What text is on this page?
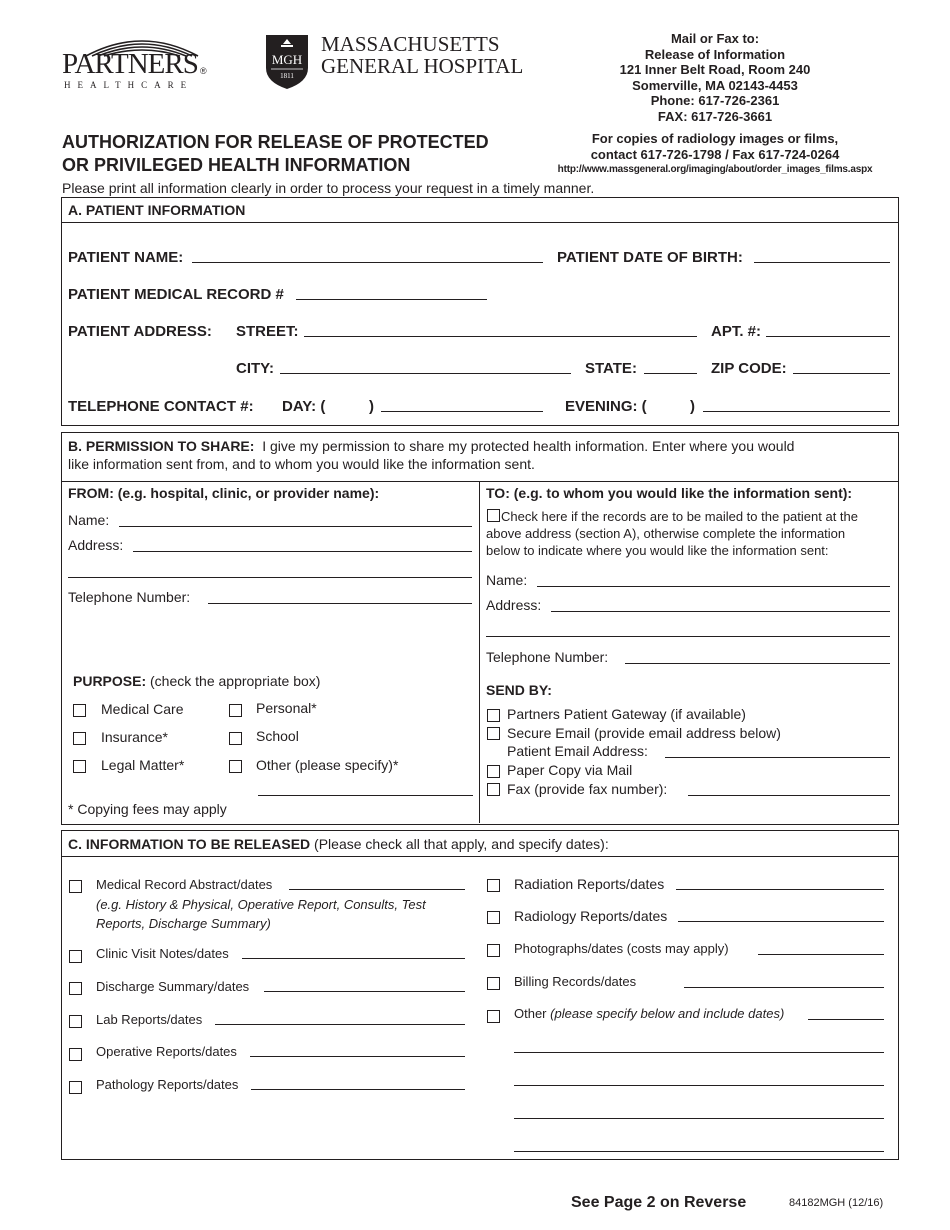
PARTNERS ®
HEALTHCARE
MGH
1811
MASSACHUSETTS
GENERAL HOSPITAL
Mail or Fax to:
Release of Information
121 Inner Belt Road, Room 240
Somerville, MA 02143-4453
Phone: 617-726-2361
FAX: 617-726-3661
AUTHORIZATION FOR RELEASE OF PROTECTED
OR PRIVILEGED HEALTH INFORMATION
For copies of radiology images or films,
contact 617-726-1798 / Fax 617-724-0264
http://www.massgeneral.org/imaging/about/order_images_films.aspx
Please print all information clearly in order to process your request in a timely manner.
A. PATIENT INFORMATION
PATIENT NAME:	PATIENT DATE OF BIRTH:
PATIENT MEDICAL RECORD #
PATIENT ADDRESS: STREET:	APT. #:
CITY:	STATE:	ZIP CODE:
TELEPHONE CONTACT #: DAY: (	)	EVENING: (	)
B. PERMISSION TO SHARE: I give my permission to share my protected health information. Enter where you would
like information sent from, and to whom you would like the information sent.
FROM: (e.g. hospital, clinic, or provider name):
Name:
Address:
Telephone Number:
PURPOSE: (check the appropriate box)
Medical Care
Insurance*
Legal Matter*
Personal*
School
Other (please specify)*
* Copying fees may apply
TO: (e.g. to whom you would like the information sent):
Check here if the records are to be mailed to the patient at the
above address (section A), otherwise complete the information
below to indicate where you would like the information sent:
Name:
Address:
Telephone Number:
SEND BY:
Partners Patient Gateway (if available)
Secure Email (provide email address below)
Patient Email Address:
Paper Copy via Mail
Fax (provide fax number):
C. INFORMATION TO BE RELEASED (Please check all that apply, and specify dates):
Medical Record Abstract/dates
(e.g. History & Physical, Operative Report, Consults, Test
Reports, Discharge Summary)
Clinic Visit Notes/dates
Discharge Summary/dates
Lab Reports/dates
Operative Reports/dates
Pathology Reports/dates
Radiation Reports/dates
Radiology Reports/dates
Photographs/dates (costs may apply)
Billing Records/dates
Other (please specify below and include dates)
See Page 2 on Reverse	84182MGH (12/16)
